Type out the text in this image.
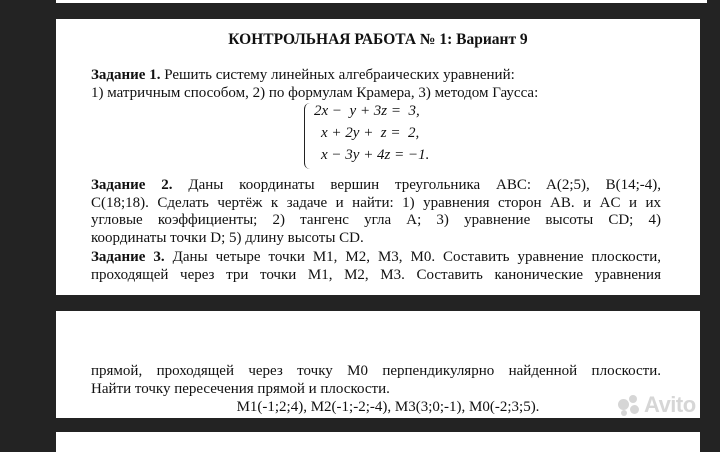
КОНТРОЛЬНАЯ РАБОТА № 1: Вариант 9
Задание 1. Решить систему линейных алгебраических уравнений:
1) матричным способом, 2) по формулам Крамера, 3) методом Гаусса:
2x −  y + 3z =  3,
x + 2y +  z =  2,
x − 3y + 4z = −1.
Задание 2. Даны координаты вершин треугольника ABC: A(2;5), B(14;-4),
C(18;18). Сделать чертёж к задаче и найти: 1) уравнения сторон AB. и AC и их
угловые коэффициенты; 2) тангенс угла A; 3) уравнение высоты CD; 4)
координаты точки D; 5) длину высоты CD.
Задание 3. Даны четыре точки M1, M2, M3, M0. Составить уравнение плоскости,
проходящей через три точки M1, M2, M3. Составить канонические уравнения
прямой, проходящей через точку M0 перпендикулярно найденной плоскости.
Найти точку пересечения прямой и плоскости.
M1(-1;2;4), M2(-1;-2;-4), M3(3;0;-1), M0(-2;3;5).	Avito
